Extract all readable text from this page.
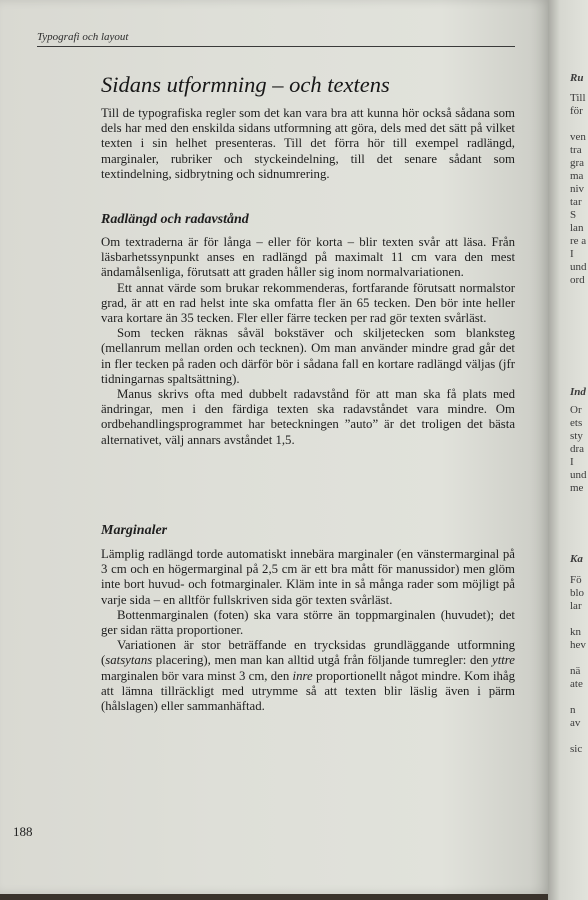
Typografi och layout
Sidans utformning – och textens

Till de typografiska regler som det kan vara bra att kunna hör också sådana som dels har med den enskilda sidans utformning att göra, dels med det sätt på vilket texten i sin helhet presenteras. Till det förra hör till exempel radlängd, marginaler, rubriker och styckeindelning, till det senare sådant som textindelning, sidbrytning och sidnumrering.

Radlängd och radavstånd

Om textraderna är för långa – eller för korta – blir texten svår att läsa. Från läsbarhetssynpunkt anses en radlängd på maximalt 11 cm vara den mest ändamålsenliga, förutsatt att graden håller sig inom normalvariationen.

Ett annat värde som brukar rekommenderas, fortfarande förutsatt normalstor grad, är att en rad helst inte ska omfatta fler än 65 tecken. Den bör inte heller vara kortare än 35 tecken. Fler eller färre tecken per rad gör texten svårläst.

Som tecken räknas såväl bokstäver och skiljetecken som blanksteg (mellanrum mellan orden och tecknen). Om man använder mindre grad går det in fler tecken på raden och därför bör i sådana fall en kortare radlängd väljas (jfr tidningarnas spaltsättning).

Manus skrivs ofta med dubbelt radavstånd för att man ska få plats med ändringar, men i den färdiga texten ska radavståndet vara mindre. Om ordbehandlingsprogrammet har beteckningen ”auto” är det troligen det bästa alternativet, välj annars avståndet 1,5.

Marginaler

Lämplig radlängd torde automatiskt innebära marginaler (en vänstermarginal på 3 cm och en högermarginal på 2,5 cm är ett bra mått för manussidor) men glöm inte bort huvud- och fotmarginaler. Kläm inte in så många rader som möjligt på varje sida – en alltför fullskriven sida gör texten svårläst.

Bottenmarginalen (foten) ska vara större än toppmarginalen (huvudet); det ger sidan rätta proportioner.

Variationen är stor beträffande en trycksidas grundläggande utformning (satsytans placering), men man kan alltid utgå från följande tumregler: den yttre marginalen bör vara minst 3 cm, den inre proportionellt något mindre. Kom ihåg att lämna tillräckligt med utrymme så att texten blir läslig även i pärm (hålslagen) eller sammanhäftad.

188
Ru
Till
för
ven
tra
gra
ma
niv
tar
S
lan
re a
I
und
ord
Ind
Or
ets
sty
dra
I
und
me
Ka
Fö
blo
lar
kn
hev
nä
ate
n
av
sic
